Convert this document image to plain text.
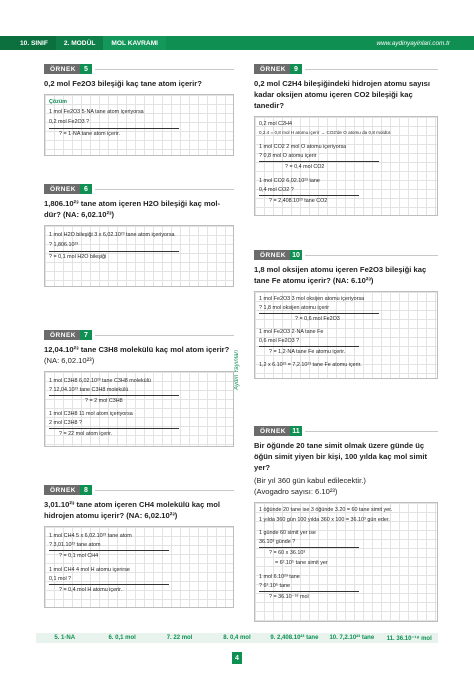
10. SINIF	2. MODÜL	MOL KAVRAMI	www.aydinyayinlari.com.tr
ÖRNEK	5
0,2 mol Fe2O3 bileşiği kaç tane atom içerir?
Çözüm
1 mol Fe2O3 5·NA tane atom içeriyorsa
0,2 mol Fe2O3 ?
? = 1·NA tane atom içerir.
ÖRNEK	6
1,806.10²³ tane atom içeren H2O bileşiği kaç mol-dür? (NA: 6,02.10²³)
1 mol H2O bileşiği 3 x 6,02.10²³ tane atom içeriyorsa
? 1,806.10²³
? = 0,1 mol H2O bileşiği
ÖRNEK	7
12,04.10²³ tane C3H8 molekülü kaç mol atom içerir?
(NA: 6,02.10²³)
1 mol C3H8 6,02.10²³ tane C3H8 molekülü
? 12,04.10²³ tane C3H8 molekülü
? = 2 mol C3H8
1 mol C3H8 11 mol atom içeriyorsa
2 mol C3H8 ?
? = 22 mol atom içerir.
ÖRNEK	8
3,01.10²³ tane atom içeren CH4 molekülü kaç mol hidrojen atomu içerir? (NA: 6,02.10²³)
1 mol CH4 5 x 6,02.10²³ tane atom
? 3,01.10²³ tane atom
? = 0,1 mol CH4
1 mol CH4 4 mol H atomu içerirse
0,1 mol ?
? = 0,4 mol H atomu içerir.
Aydın Yayınları
ÖRNEK	9
0,2 mol C2H4 bileşiğindeki hidrojen atomu sayısı kadar oksijen atomu içeren CO2 bileşiği kaç tanedir?
0,2 mol C2H4
0,2.4 = 0,8 mol H atomu içerir → CO2'de O atomu da 0,8 moldür.
1 mol CO2 2 mol O atomu içeriyorsa
? 0,8 mol O atomu içerir
? = 0,4 mol CO2
1 mol CO2 6,02.10²³ tane
0,4 mol CO2 ?
? = 2,408.10²³ tane CO2
ÖRNEK 10
1,8 mol oksijen atomu içeren Fe2O3 bileşiği kaç tane Fe atomu içerir? (NA: 6.10²³)
1 mol Fe2O3 3 mol oksijen atomu içeriyorsa
? 1,8 mol oksijen atomu içerir
? = 0,6 mol Fe2O3
1 mol Fe2O3 2·NA tane Fe
0,6 mol Fe2O3 ?
? = 1,2·NA tane Fe atomu içerir.
1,2 x 6.10²³ = 7,2.10²³ tane Fe atomu içerir.
ÖRNEK 11
Bir öğünde 20 tane simit olmak üzere günde üç öğün simit yiyen bir kişi, 100 yılda kaç mol simit yer?
(Bir yıl 360 gün kabul edilecektir.)
(Avogadro sayısı: 6.10²³)
1 öğünde 20 tane ise 3 öğünde 3.20 = 60 tane simit yer.
1 yılda 360 gün 100 yılda 360 x 100 = 36.10³ gün eder.
1 günde 60 simit yer ise
36.10³ günde ?
? = 60 x 36.10³
= 6².10⁵ tane simit yer
1 mol 6.10²³ tane
? 6².10⁵ tane
? = 36.10⁻¹⁸ mol
5. 1·NA	6. 0,1 mol	7. 22 mol	8. 0,4 mol	9. 2,408.10²³ tane	10. 7,2.10²³ tane	11. 36.10⁻¹⁸ mol
4
